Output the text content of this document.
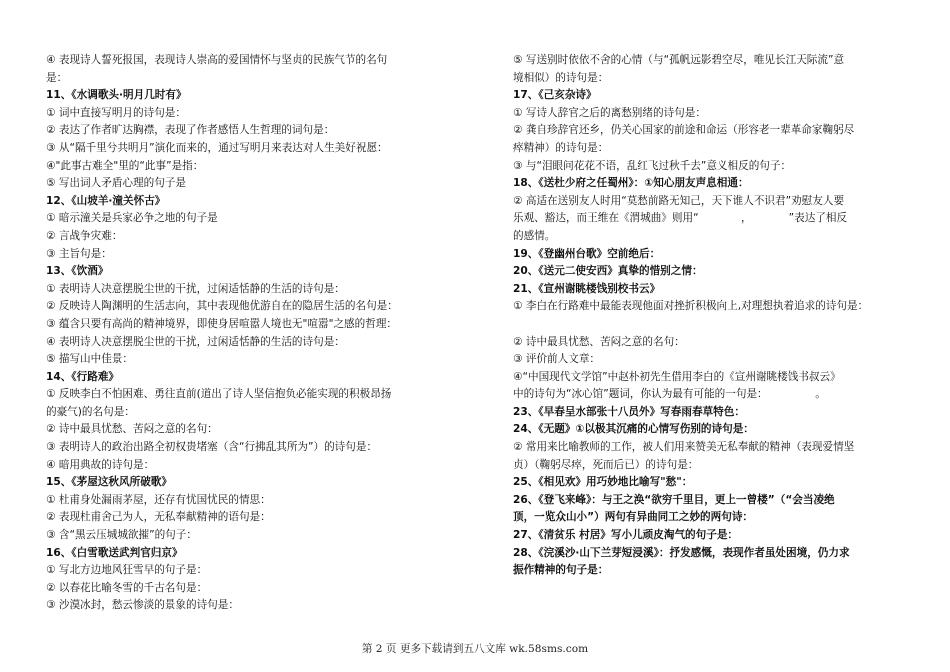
④ 表现诗人誓死报国，表现诗人崇高的爱国情怀与坚贞的民族气节的名句
是：
11、《水调歌头·明月几时有》
① 词中直接写明月的诗句是：
② 表达了作者旷达胸襟，表现了作者感悟人生哲理的词句是：
③ 从“隔千里兮共明月”演化而来的，通过写明月来表达对人生美好祝愿：
④"此事古难全"里的“此事”是指：
⑤ 写出词人矛盾心理的句子是
12、《山坡羊·潼关怀古》
① 暗示潼关是兵家必争之地的句子是
② 言战争灾难：
③ 主旨句是：
13、《饮酒》
① 表明诗人决意摆脱尘世的干扰，过闲适恬静的生活的诗句是：
② 反映诗人陶渊明的生活志向，其中表现他优游自在的隐居生活的名句是：
③ 蕴含只要有高尚的精神境界，即使身居喧嚣人境也无"喧嚣"之感的哲理：
④ 表明诗人决意摆脱尘世的干扰，过闲适恬静的生活的诗句是：
⑤ 描写山中佳景：
14、《行路难》
① 反映李白不怕困难、勇往直前(道出了诗人坚信抱负必能实现的积极昂扬
的豪气)的名句是：
② 诗中最具忧愁、苦闷之意的名句：
③ 表明诗人的政治出路全初权贵堵塞（含“行拂乱其所为”）的诗句是：
④ 暗用典故的诗句是：
15、《茅屋这秋风所破歌》
① 杜甫身处漏雨茅屋，还存有忧国忧民的情思：
② 表现杜甫舍己为人，无私奉献精神的语句是：
③ 含“黑云压城城欲摧”的句子：
16、《白雪歌送武判官归京》
① 写北方边地风狂雪早的句子是：
② 以春花比喻冬雪的千古名句是：
③ 沙漠冰封，愁云惨淡的景象的诗句是：
⑤ 写送别时依依不舍的心情（与“孤帆远影碧空尽，唯见长江天际流”意
境相似）的诗句是：
17、《己亥杂诗》
① 写诗人辞官之后的离愁别绪的诗句是：
② 龚自珍辞官还乡，仍关心国家的前途和命运（形容老一辈革命家鞠躬尽
瘁精神）的诗句是：
③ 与“泪眼问花花不语，乱红飞过秋千去”意义相反的句子：
18、《送杜少府之任蜀州》：①知心朋友声息相通：
② 高适在送别友人时用“莫愁前路无知己，天下谁人不识君”劝慰友人要
乐观、豁达，而王维在《渭城曲》则用“　　　　，　　　　”表达了相反
的感情。
19、《登幽州台歌》空前绝后：
20、《送元二使安西》真挚的惜别之情：
21、《宣州谢眺楼饯别校书云》
① 李白在行路难中最能表现他面对挫折积极向上,对理想执着追求的诗句是：
② 诗中最具忧愁、苦闷之意的名句：
③ 评价前人文章：
④“中国现代文学馆”中赵朴初先生借用李白的《宣州谢眺楼饯书叔云》
中的诗句为“冰心馆”题词，你认为最有可能的一句是：　　　　　。
23、《早春呈水部张十八员外》写春雨春草特色：
24、《无题》①以极其沉痛的心情写伤别的诗句是：
② 常用来比喻教师的工作，被人们用来赞美无私奉献的精神（表现爱情坚
贞）（鞠躬尽瘁，死而后已）的诗句是：
25、《相见欢》用巧妙地比喻写"愁"：
26、《登飞来峰》：与王之涣“欲穷千里目，更上一曾楼”（“会当凌绝
顶，一览众山小”）两句有异曲同工之妙的两句诗：
27、《清贫乐 村居》写小儿顽皮淘气的句子是：
28、《浣溪沙·山下兰芽短浸溪》：抒发感慨，表现作者虽处困境，仍力求
振作精神的句子是：
第 2 页 更多下载请到五八文库 wk.58sms.com
